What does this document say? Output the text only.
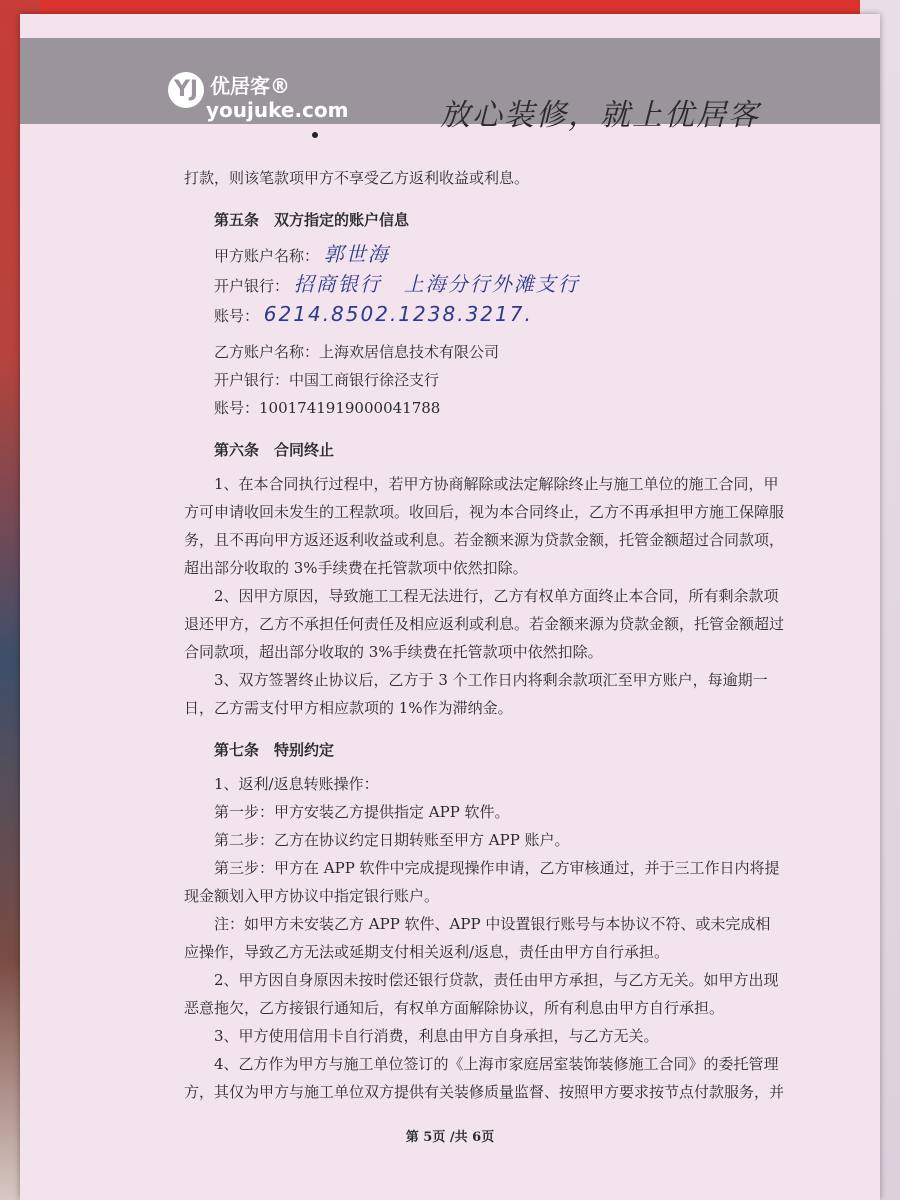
YJ 优居客®
youjuke.com	放心装修，就上优居客

打款，则该笔款项甲方不享受乙方返利收益或利息。

第五条　双方指定的账户信息

甲方账户名称： 郭世海

开户银行： 招商银行　上海分行外滩支行

账号： 6214.8502.1238.3217.

乙方账户名称：上海欢居信息技术有限公司

开户银行：中国工商银行徐泾支行

账号：1001741919000041788

第六条　合同终止

1、在本合同执行过程中，若甲方协商解除或法定解除终止与施工单位的施工合同，甲方可申请收回未发生的工程款项。收回后，视为本合同终止，乙方不再承担甲方施工保障服务，且不再向甲方返还返利收益或利息。若金额来源为贷款金额，托管金额超过合同款项，超出部分收取的 3%手续费在托管款项中依然扣除。

2、因甲方原因，导致施工工程无法进行，乙方有权单方面终止本合同，所有剩余款项退还甲方，乙方不承担任何责任及相应返利或利息。若金额来源为贷款金额，托管金额超过合同款项，超出部分收取的 3%手续费在托管款项中依然扣除。

3、双方签署终止协议后，乙方于 3 个工作日内将剩余款项汇至甲方账户，每逾期一日，乙方需支付甲方相应款项的 1%作为滞纳金。

第七条　特别约定

1、返利/返息转账操作：

第一步：甲方安装乙方提供指定 APP 软件。

第二步：乙方在协议约定日期转账至甲方 APP 账户。

第三步：甲方在 APP 软件中完成提现操作申请，乙方审核通过，并于三工作日内将提现金额划入甲方协议中指定银行账户。

注：如甲方未安装乙方 APP 软件、APP 中设置银行账号与本协议不符、或未完成相应操作，导致乙方无法或延期支付相关返利/返息，责任由甲方自行承担。

2、甲方因自身原因未按时偿还银行贷款，责任由甲方承担，与乙方无关。如甲方出现恶意拖欠，乙方接银行通知后，有权单方面解除协议，所有利息由甲方自行承担。

3、甲方使用信用卡自行消费，利息由甲方自身承担，与乙方无关。

4、乙方作为甲方与施工单位签订的《上海市家庭居室装饰装修施工合同》的委托管理方，其仅为甲方与施工单位双方提供有关装修质量监督、按照甲方要求按节点付款服务，并

第 5页 /共 6页
